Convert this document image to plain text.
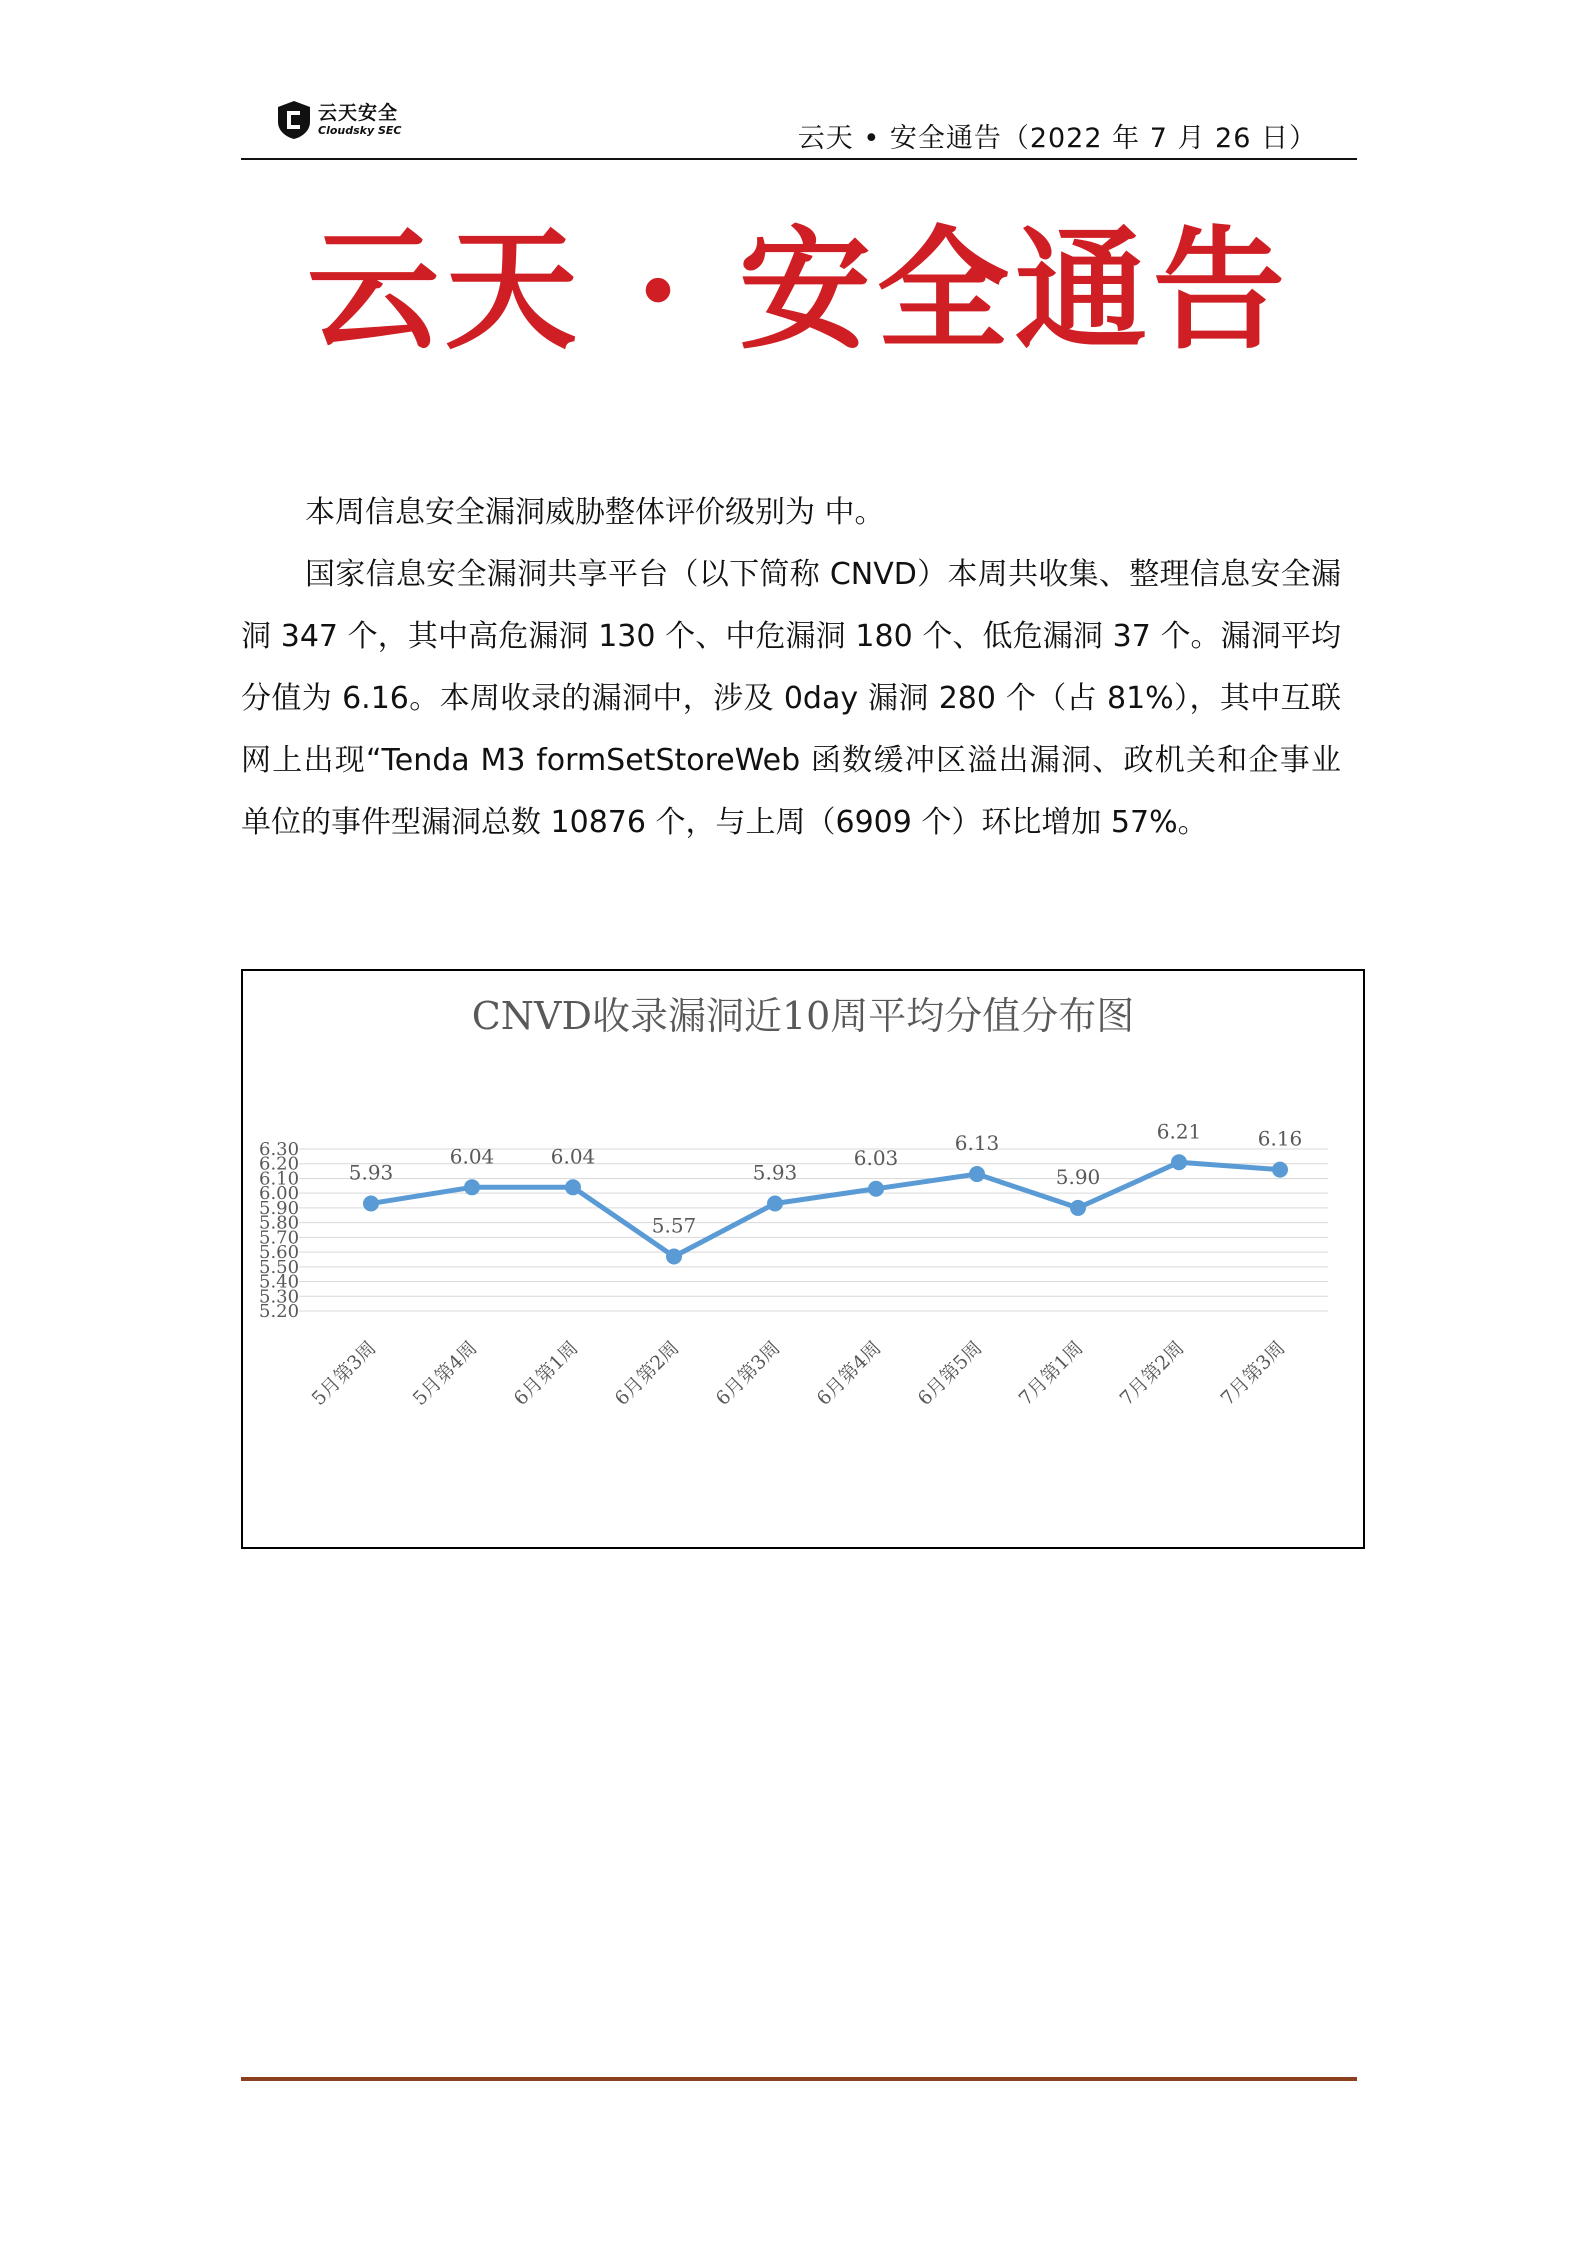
云天安全
Cloudsky SEC	云天 • 安全通告（2022 年 7 月 26 日）
云天 · 安全通告

本周信息安全漏洞威胁整体评价级别为 中。

国家信息安全漏洞共享平台（以下简称 CNVD）本周共收集、整理信息安全漏洞 347 个，其中高危漏洞 130 个、中危漏洞 180 个、低危漏洞 37 个。漏洞平均分值为 6.16。本周收录的漏洞中，涉及 0day 漏洞 280 个（占 81%），其中互联网上出现“Tenda M3 formSetStoreWeb 函数缓冲区溢出漏洞、政机关和企事业单位的事件型漏洞总数 10876 个，与上周（6909 个）环比增加 57%。

CNVD收录漏洞近10周平均分值分布图
5.20
5.30
5.40
5.50
5.60
5.70
5.80
5.90
6.00
6.10
6.20
6.30
5.93
6.04	6.04
5.57
5.93
6.03
6.13
5.90
6.21	6.16
5月第3周 5月第4周 6月第1周 6月第2周 6月第3周 6月第4周 6月第5周 7月第1周 7月第2周 7月第3周
